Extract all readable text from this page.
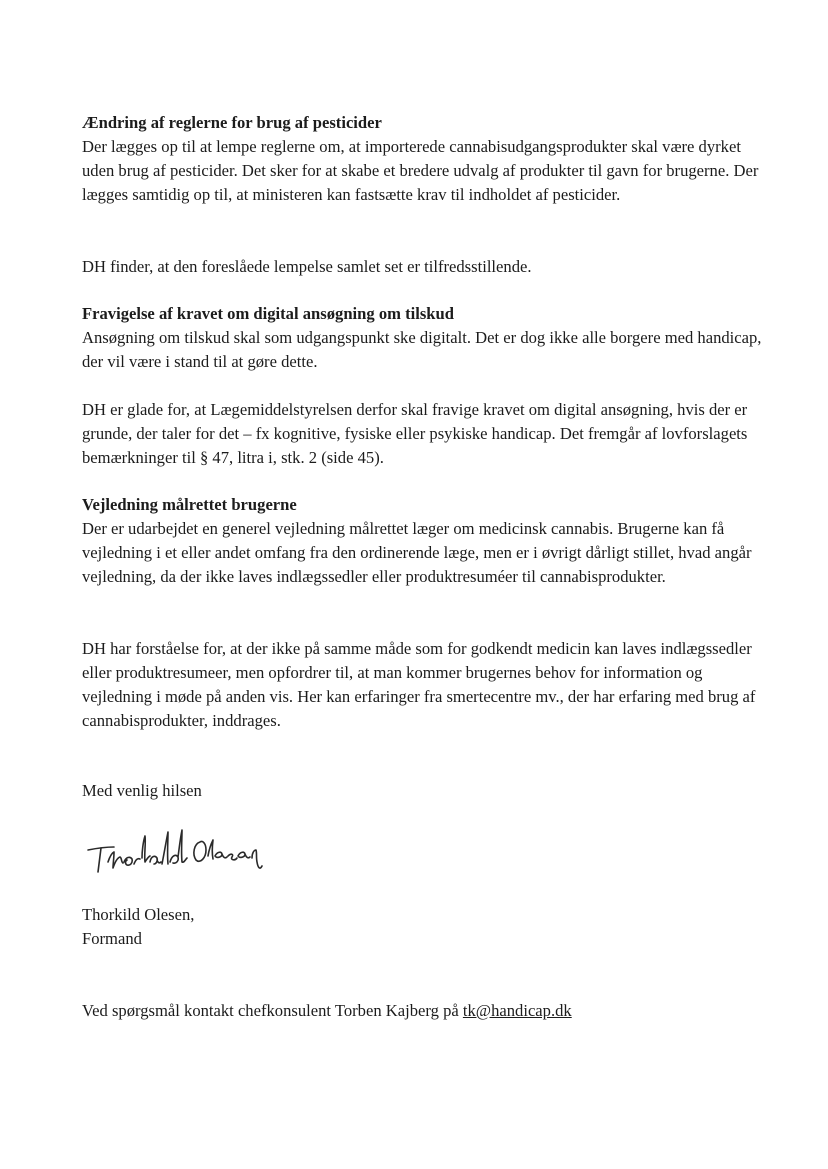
Ændring af reglerne for brug af pesticider

Der lægges op til at lempe reglerne om, at importerede cannabisudgangsprodukter skal være dyrket uden brug af pesticider. Det sker for at skabe et bredere udvalg af produkter til gavn for brugerne. Der lægges samtidig op til, at ministeren kan fastsætte krav til indholdet af pesticider.

DH finder, at den foreslåede lempelse samlet set er tilfredsstillende.

Fravigelse af kravet om digital ansøgning om tilskud

Ansøgning om tilskud skal som udgangspunkt ske digitalt. Det er dog ikke alle borgere med handicap, der vil være i stand til at gøre dette.

DH er glade for, at Lægemiddelstyrelsen derfor skal fravige kravet om digital ansøgning, hvis der er grunde, der taler for det – fx kognitive, fysiske eller psykiske handicap. Det fremgår af lovforslagets bemærkninger til § 47, litra i, stk. 2 (side 45).

Vejledning målrettet brugerne

Der er udarbejdet en generel vejledning målrettet læger om medicinsk cannabis. Brugerne kan få vejledning i et eller andet omfang fra den ordinerende læge, men er i øvrigt dårligt stillet, hvad angår vejledning, da der ikke laves indlægssedler eller produktresuméer til cannabisprodukter.

DH har forståelse for, at der ikke på samme måde som for godkendt medicin kan laves indlægssedler eller produktresumeer, men opfordrer til, at man kommer brugernes behov for information og vejledning i møde på anden vis. Her kan erfaringer fra smertecentre mv., der har erfaring med brug af cannabisprodukter, inddrages.

Med venlig hilsen

Thorkild Olesen,

Formand

Ved spørgsmål kontakt chefkonsulent Torben Kajberg på tk@handicap.dk
